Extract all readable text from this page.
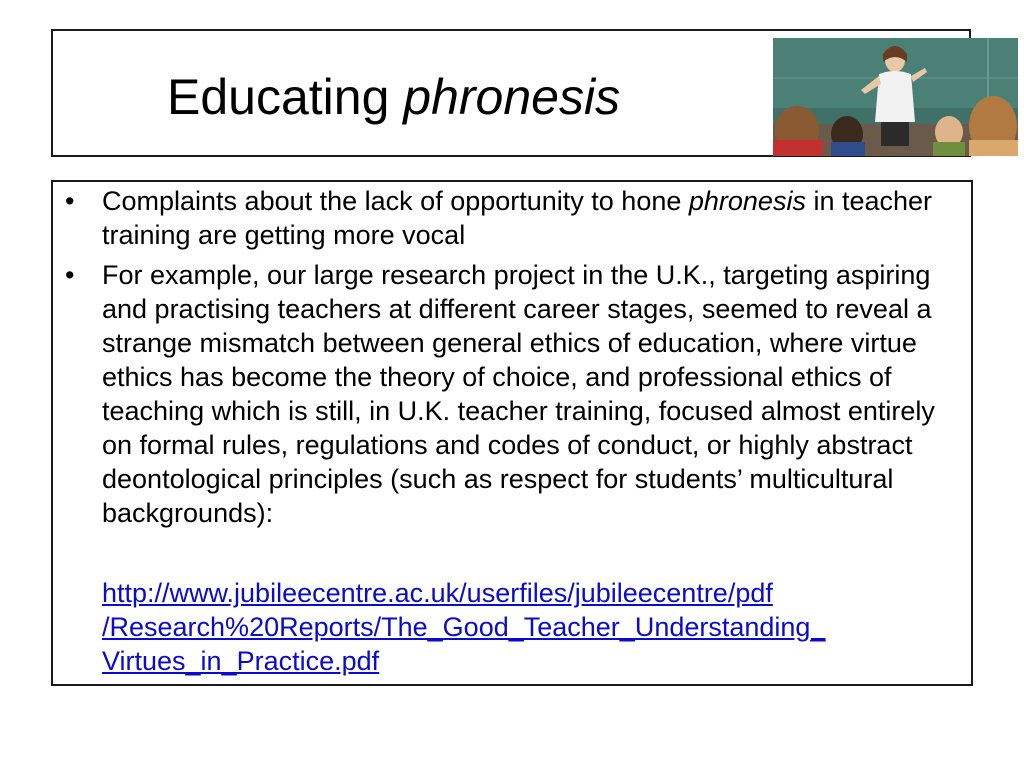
Educating phronesis
• Complaints about the lack of opportunity to hone phronesis in teacher training are getting more vocal
• For example, our large research project in the U.K., targeting aspiring and practising teachers at different career stages, seemed to reveal a strange mismatch between general ethics of education, where virtue ethics has become the theory of choice, and professional ethics of teaching which is still, in U.K. teacher training, focused almost entirely on formal rules, regulations and codes of conduct, or highly abstract deontological principles (such as respect for students’ multicultural backgrounds):
http://www.jubileecentre.ac.uk/userfiles/jubileecentre/pdf
/Research%20Reports/The_Good_Teacher_Understanding_
Virtues_in_Practice.pdf
